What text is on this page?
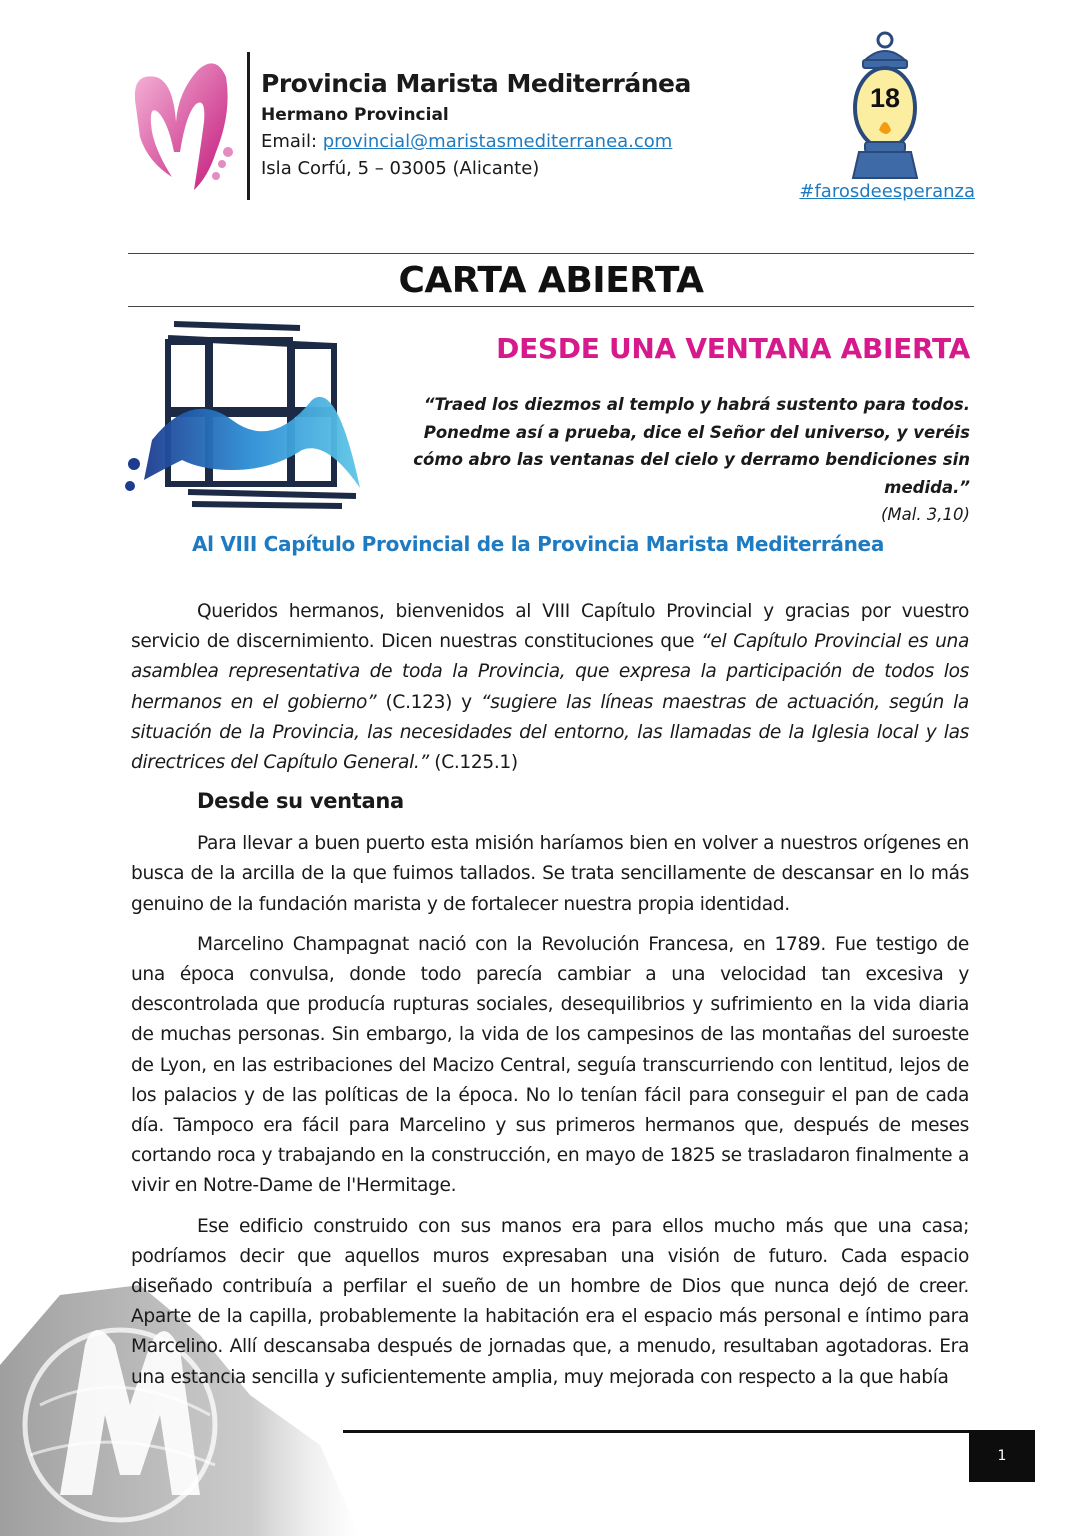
Provincia Marista Mediterránea
Hermano Provincial
Email: provincial@maristasmediterranea.com
Isla Corfú, 5 – 03005 (Alicante)
18
#farosdeesperanza
CARTA ABIERTA
DESDE UNA VENTANA ABIERTA
“Traed los diezmos al templo y habrá sustento para todos.
Ponedme así a prueba, dice el Señor del universo, y veréis
cómo abro las ventanas del cielo y derramo bendiciones sin medida.”
(Mal. 3,10)
Al VIII Capítulo Provincial de la Provincia Marista Mediterránea

Queridos hermanos, bienvenidos al VIII Capítulo Provincial y gracias por vuestro servicio de discernimiento. Dicen nuestras constituciones que “el Capítulo Provincial es una asamblea representativa de toda la Provincia, que expresa la participación de todos los hermanos en el gobierno” (C.123) y “sugiere las líneas maestras de actuación, según la situación de la Provincia, las necesidades del entorno, las llamadas de la Iglesia local y las directrices del Capítulo General.” (C.125.1)

Desde su ventana

Para llevar a buen puerto esta misión haríamos bien en volver a nuestros orígenes en busca de la arcilla de la que fuimos tallados. Se trata sencillamente de descansar en lo más genuino de la fundación marista y de fortalecer nuestra propia identidad.

Marcelino Champagnat nació con la Revolución Francesa, en 1789. Fue testigo de una época convulsa, donde todo parecía cambiar a una velocidad tan excesiva y descontrolada que producía rupturas sociales, desequilibrios y sufrimiento en la vida diaria de muchas personas. Sin embargo, la vida de los campesinos de las montañas del suroeste de Lyon, en las estribaciones del Macizo Central, seguía transcurriendo con lentitud, lejos de los palacios y de las políticas de la época. No lo tenían fácil para conseguir el pan de cada día. Tampoco era fácil para Marcelino y sus primeros hermanos que, después de meses cortando roca y trabajando en la construcción, en mayo de 1825 se trasladaron finalmente a vivir en Notre-Dame de l'Hermitage.

Ese edificio construido con sus manos era para ellos mucho más que una casa; podríamos decir que aquellos muros expresaban una visión de futuro. Cada espacio diseñado contribuía a perfilar el sueño de un hombre de Dios que nunca dejó de creer. Aparte de la capilla, probablemente la habitación era el espacio más personal e íntimo para Marcelino. Allí descansaba después de jornadas que, a menudo, resultaban agotadoras. Era una estancia sencilla y suficientemente amplia, muy mejorada con respecto a la que había

1
